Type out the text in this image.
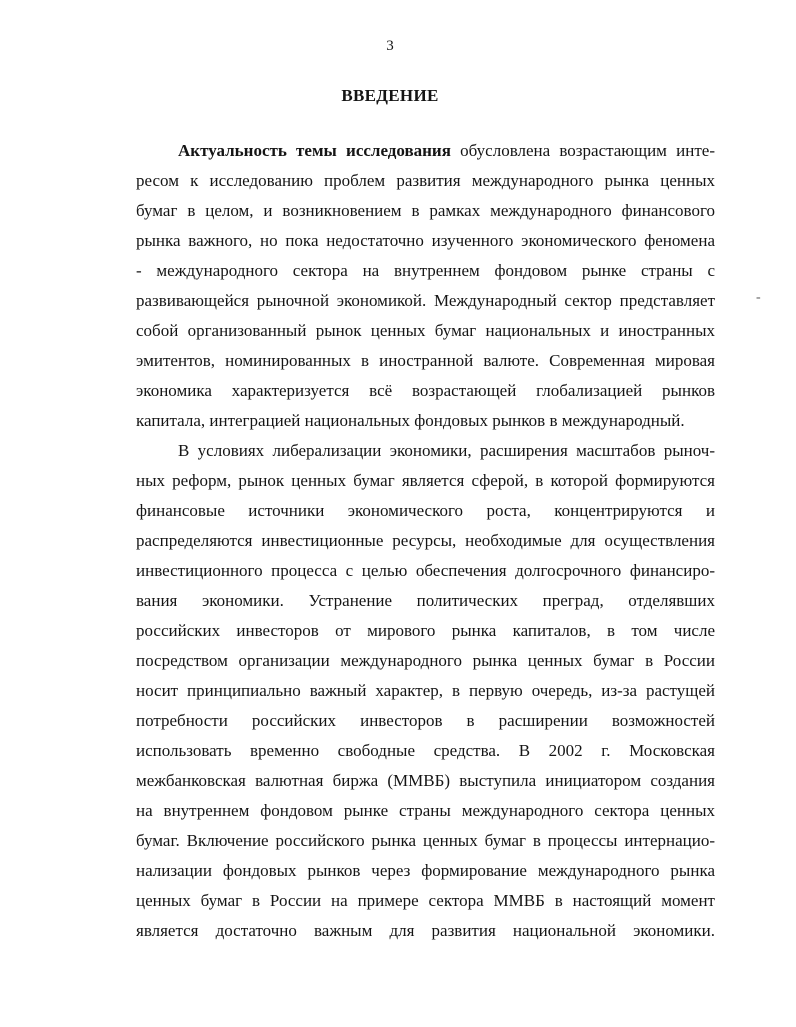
3
ВВЕДЕНИЕ
Актуальность темы исследования обусловлена возрастающим инте-
ресом к исследованию проблем развития международного рынка ценных
бумаг в целом, и возникновением в рамках международного финансового
рынка важного, но пока недостаточно изученного экономического феномена
- международного сектора на внутреннем фондовом рынке страны с
развивающейся рыночной экономикой. Международный сектор представляет
собой организованный рынок ценных бумаг национальных и иностранных
эмитентов, номинированных в иностранной валюте. Современная мировая
экономика характеризуется всё возрастающей глобализацией рынков
капитала, интеграцией национальных фондовых рынков в международный.
В условиях либерализации экономики, расширения масштабов рыноч-
ных реформ, рынок ценных бумаг является сферой, в которой формируются
финансовые источники экономического роста, концентрируются и
распределяются инвестиционные ресурсы, необходимые для осуществления
инвестиционного процесса с целью обеспечения долгосрочного финансиро-
вания экономики. Устранение политических преград, отделявших
российских инвесторов от мирового рынка капиталов, в том числе
посредством организации международного рынка ценных бумаг в России
носит принципиально важный характер, в первую очередь, из-за растущей
потребности российских инвесторов в расширении возможностей
использовать временно свободные средства. В 2002 г. Московская
межбанковская валютная биржа (ММВБ) выступила инициатором создания
на внутреннем фондовом рынке страны международного сектора ценных
бумаг. Включение российского рынка ценных бумаг в процессы интернацио-
нализации фондовых рынков через формирование международного рынка
ценных бумаг в России на примере сектора ММВБ в настоящий момент
является достаточно важным для развития национальной экономики.
-
